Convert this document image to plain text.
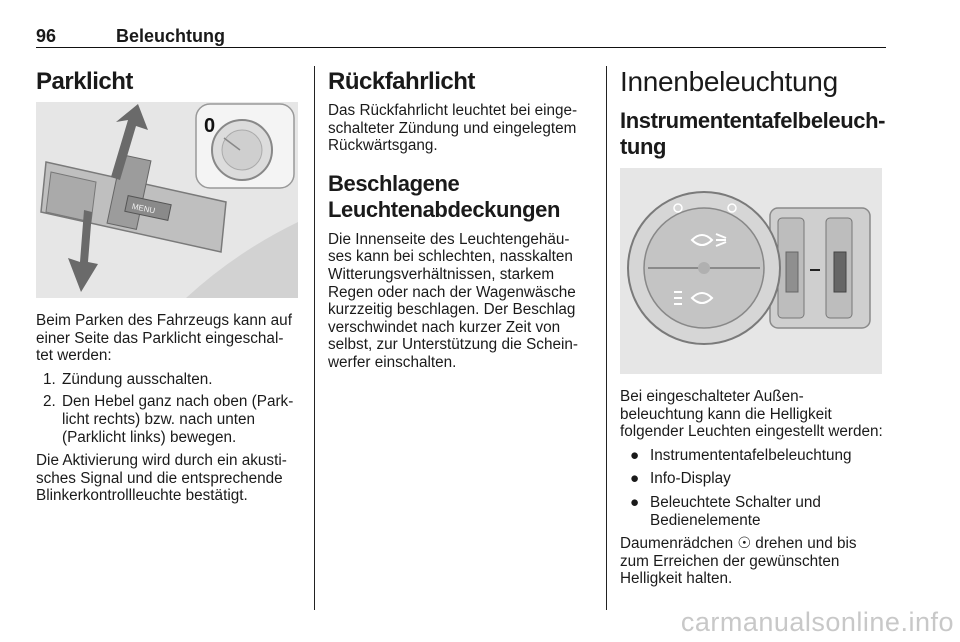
96	Beleuchtung
Parklicht
MENU
0

Beim Parken des Fahrzeugs kann auf einer Seite das Parklicht eingeschal-tet werden:

1. Zündung ausschalten.
2. Den Hebel ganz nach oben (Park-licht rechts) bzw. nach unten (Parklicht links) bewegen.

Die Aktivierung wird durch ein akusti-sches Signal und die entsprechende Blinkerkontrollleuchte bestätigt.

Rückfahrlicht

Das Rückfahrlicht leuchtet bei einge-schalteter Zündung und eingelegtem Rückwärtsgang.

Beschlagene Leuchtenabdeckungen

Die Innenseite des Leuchtengehäu-ses kann bei schlechten, nasskalten Witterungsverhältnissen, starkem Regen oder nach der Wagenwäsche kurzzeitig beschlagen. Der Beschlag verschwindet nach kurzer Zeit von selbst, zur Unterstützung die Schein-werfer einschalten.

Innenbeleuchtung
Instrumententafelbeleuch-tung

Bei eingeschalteter Außen-beleuchtung kann die Helligkeit folgender Leuchten eingestellt werden:

● Instrumententafelbeleuchtung
● Info-Display
● Beleuchtete Schalter und Bedienelemente

Daumenrädchen ☉ drehen und bis zum Erreichen der gewünschten Helligkeit halten.

carmanualsonline.info
